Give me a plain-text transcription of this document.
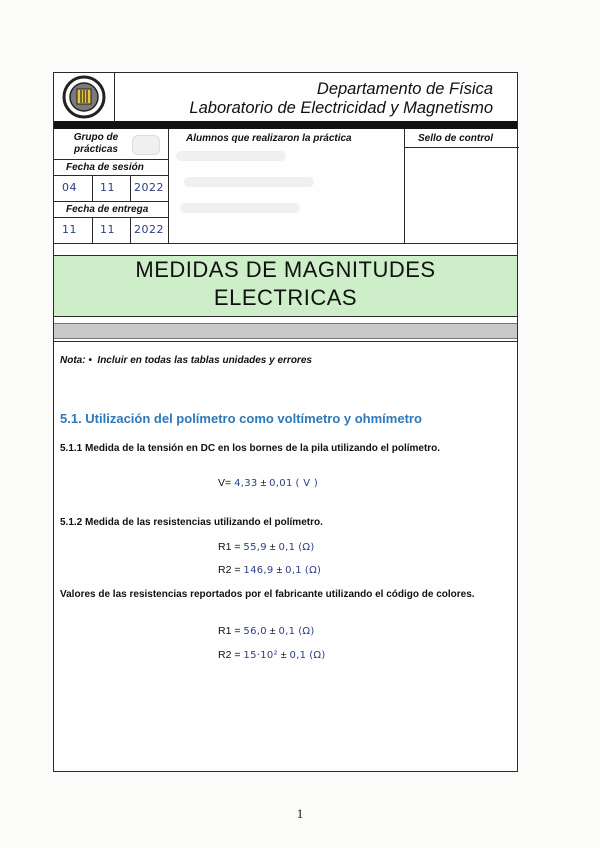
Departamento de Física
Laboratorio de Electricidad y Magnetismo
Grupo de prácticas
Fecha de sesión
04 11 2022
Fecha de entrega
11 11 2022
Alumnos que realizaron la práctica	Sello de control
MEDIDAS DE MAGNITUDES
ELECTRICAS
Nota: • Incluir en todas las tablas unidades y errores
5.1. Utilización del polímetro como voltímetro y ohmímetro
5.1.1 Medida de la tensión en DC en los bornes de la pila utilizando el polímetro.
V= 4,33 ± 0,01 ( V )
5.1.2 Medida de las resistencias utilizando el polímetro.
R1 = 55,9 ± 0,1 (Ω)
R2 = 146,9 ± 0,1 (Ω)
Valores de las resistencias reportados por el fabricante utilizando el código de colores.
R1 = 56,0 ± 0,1 (Ω)
R2 = 15·10² ± 0,1 (Ω)
1
